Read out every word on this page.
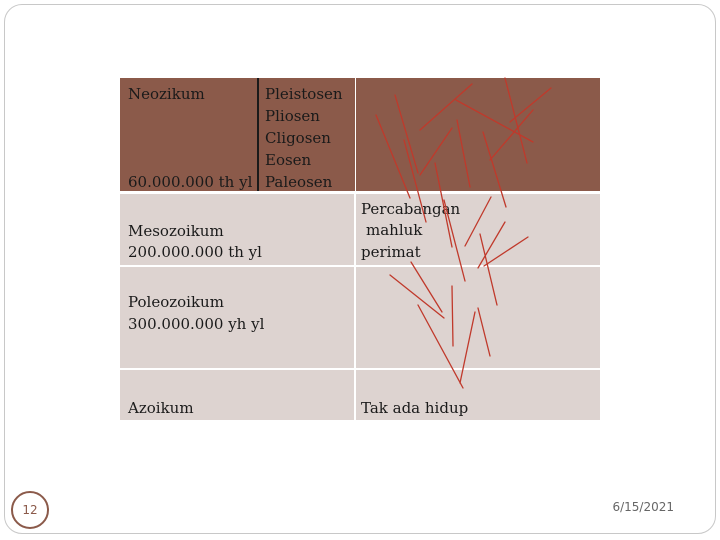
Neozikum
60.000.000 th yl
Pleistosen
Pliosen
Cligosen
Eosen
Paleosen
Mesozoikum
200.000.000 th yl
Percabangan
mahluk
perimat
Poleozoikum
300.000.000 yh yl
Azoikum	Tak ada hidup
12	6/15/2021
